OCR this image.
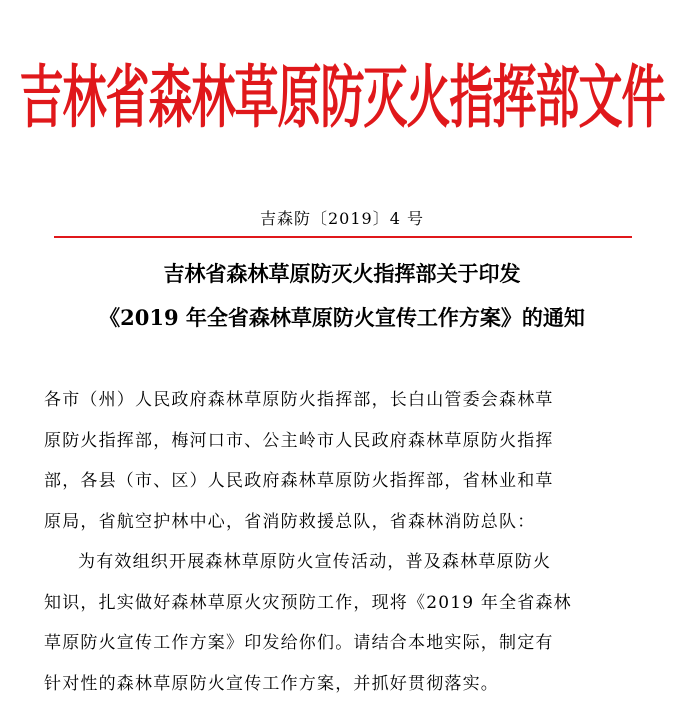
吉林省森林草原防灭火指挥部文件
吉森防〔2019〕4 号
吉林省森林草原防灭火指挥部关于印发
《2019 年全省森林草原防火宣传工作方案》的通知
各市（州）人民政府森林草原防火指挥部，长白山管委会森林草
原防火指挥部，梅河口市、公主岭市人民政府森林草原防火指挥
部，各县（市、区）人民政府森林草原防火指挥部，省林业和草
原局，省航空护林中心，省消防救援总队，省森林消防总队：
为有效组织开展森林草原防火宣传活动，普及森林草原防火
知识，扎实做好森林草原火灾预防工作，现将《2019 年全省森林
草原防火宣传工作方案》印发给你们。请结合本地实际，制定有
针对性的森林草原防火宣传工作方案，并抓好贯彻落实。
